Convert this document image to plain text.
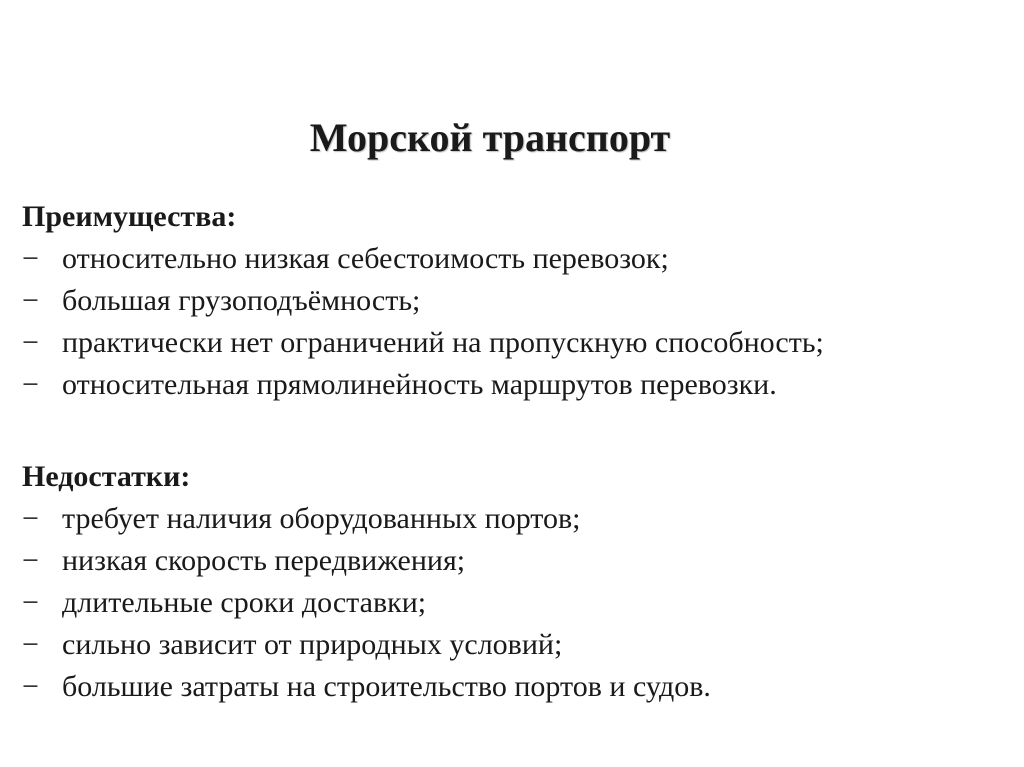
Морской транспорт

Преимущества:

− относительно низкая себестоимость перевозок;
− большая грузоподъёмность;
− практически нет ограничений на пропускную способность;
− относительная прямолинейность маршрутов перевозки.

Недостатки:

− требует наличия оборудованных портов;
− низкая скорость передвижения;
− длительные сроки доставки;
− сильно зависит от природных условий;
− большие затраты на строительство портов и судов.
